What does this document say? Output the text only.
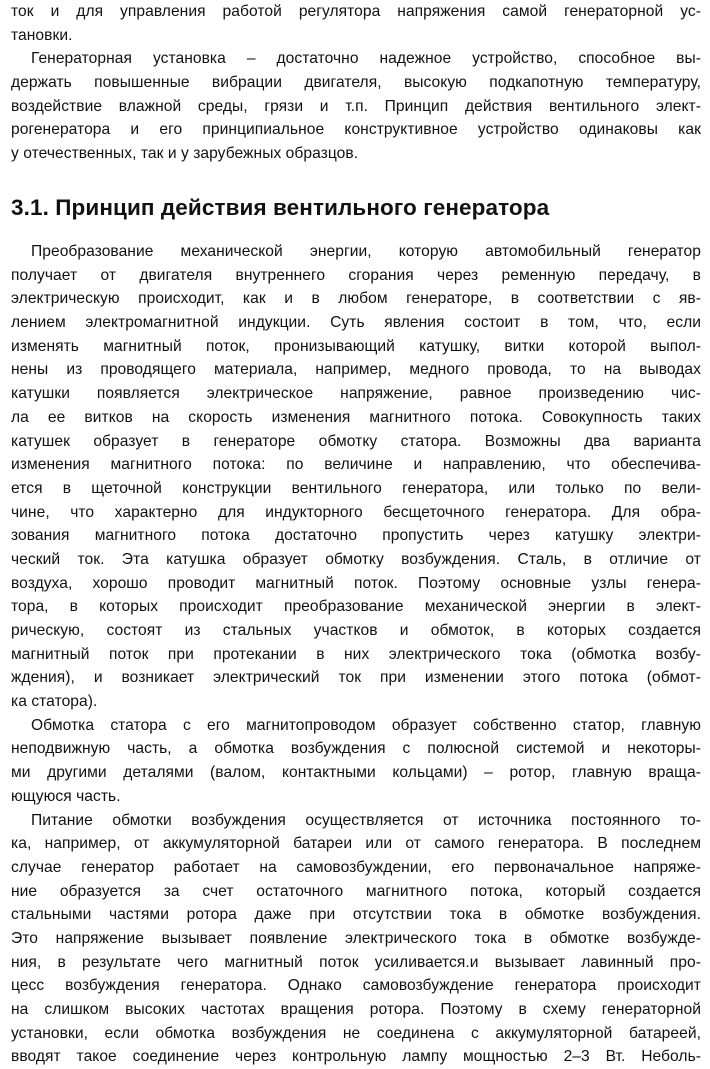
ток и для управления работой регулятора напряжения самой генераторной ус-
тановки.

Генераторная установка – достаточно надежное устройство, способное вы-
держать повышенные вибрации двигателя, высокую подкапотную температуру,
воздействие влажной среды, грязи и т.п. Принцип действия вентильного элект-
рогенератора и его принципиальное конструктивное устройство одинаковы как
у отечественных, так и у зарубежных образцов.

3.1. Принцип действия вентильного генератора

Преобразование механической энергии, которую автомобильный генератор
получает от двигателя внутреннего сгорания через ременную передачу, в
электрическую происходит, как и в любом генераторе, в соответствии с яв-
лением электромагнитной индукции. Суть явления состоит в том, что, если
изменять магнитный поток, пронизывающий катушку, витки которой выпол-
нены из проводящего материала, например, медного провода, то на выводах
катушки появляется электрическое напряжение, равное произведению чис-
ла ее витков на скорость изменения магнитного потока. Совокупность таких
катушек образует в генераторе обмотку статора. Возможны два варианта
изменения магнитного потока: по величине и направлению, что обеспечива-
ется в щеточной конструкции вентильного генератора, или только по вели-
чине, что характерно для индукторного бесщеточного генератора. Для обра-
зования магнитного потока достаточно пропустить через катушку электри-
ческий ток. Эта катушка образует обмотку возбуждения. Сталь, в отличие от
воздуха, хорошо проводит магнитный поток. Поэтому основные узлы генера-
тора, в которых происходит преобразование механической энергии в элект-
рическую, состоят из стальных участков и обмоток, в которых создается
магнитный поток при протекании в них электрического тока (обмотка возбу-
ждения), и возникает электрический ток при изменении этого потока (обмот-
ка статора).

Обмотка статора с его магнитопроводом образует собственно статор, главную
неподвижную часть, а обмотка возбуждения с полюсной системой и некоторы-
ми другими деталями (валом, контактными кольцами) – ротор, главную враща-
ющуюся часть.

Питание обмотки возбуждения осуществляется от источника постоянного то-
ка, например, от аккумуляторной батареи или от самого генератора. В последнем
случае генератор работает на самовозбуждении, его первоначальное напряже-
ние образуется за счет остаточного магнитного потока, который создается
стальными частями ротора даже при отсутствии тока в обмотке возбуждения.
Это напряжение вызывает появление электрического тока в обмотке возбужде-
ния, в результате чего магнитный поток усиливается.и вызывает лавинный про-
цесс возбуждения генератора. Однако самовозбуждение генератора происходит
на слишком высоких частотах вращения ротора. Поэтому в схему генераторной
установки, если обмотка возбуждения не соединена с аккумуляторной батареей,
вводят такое соединение через контрольную лампу мощностью 2–3 Вт. Неболь-
